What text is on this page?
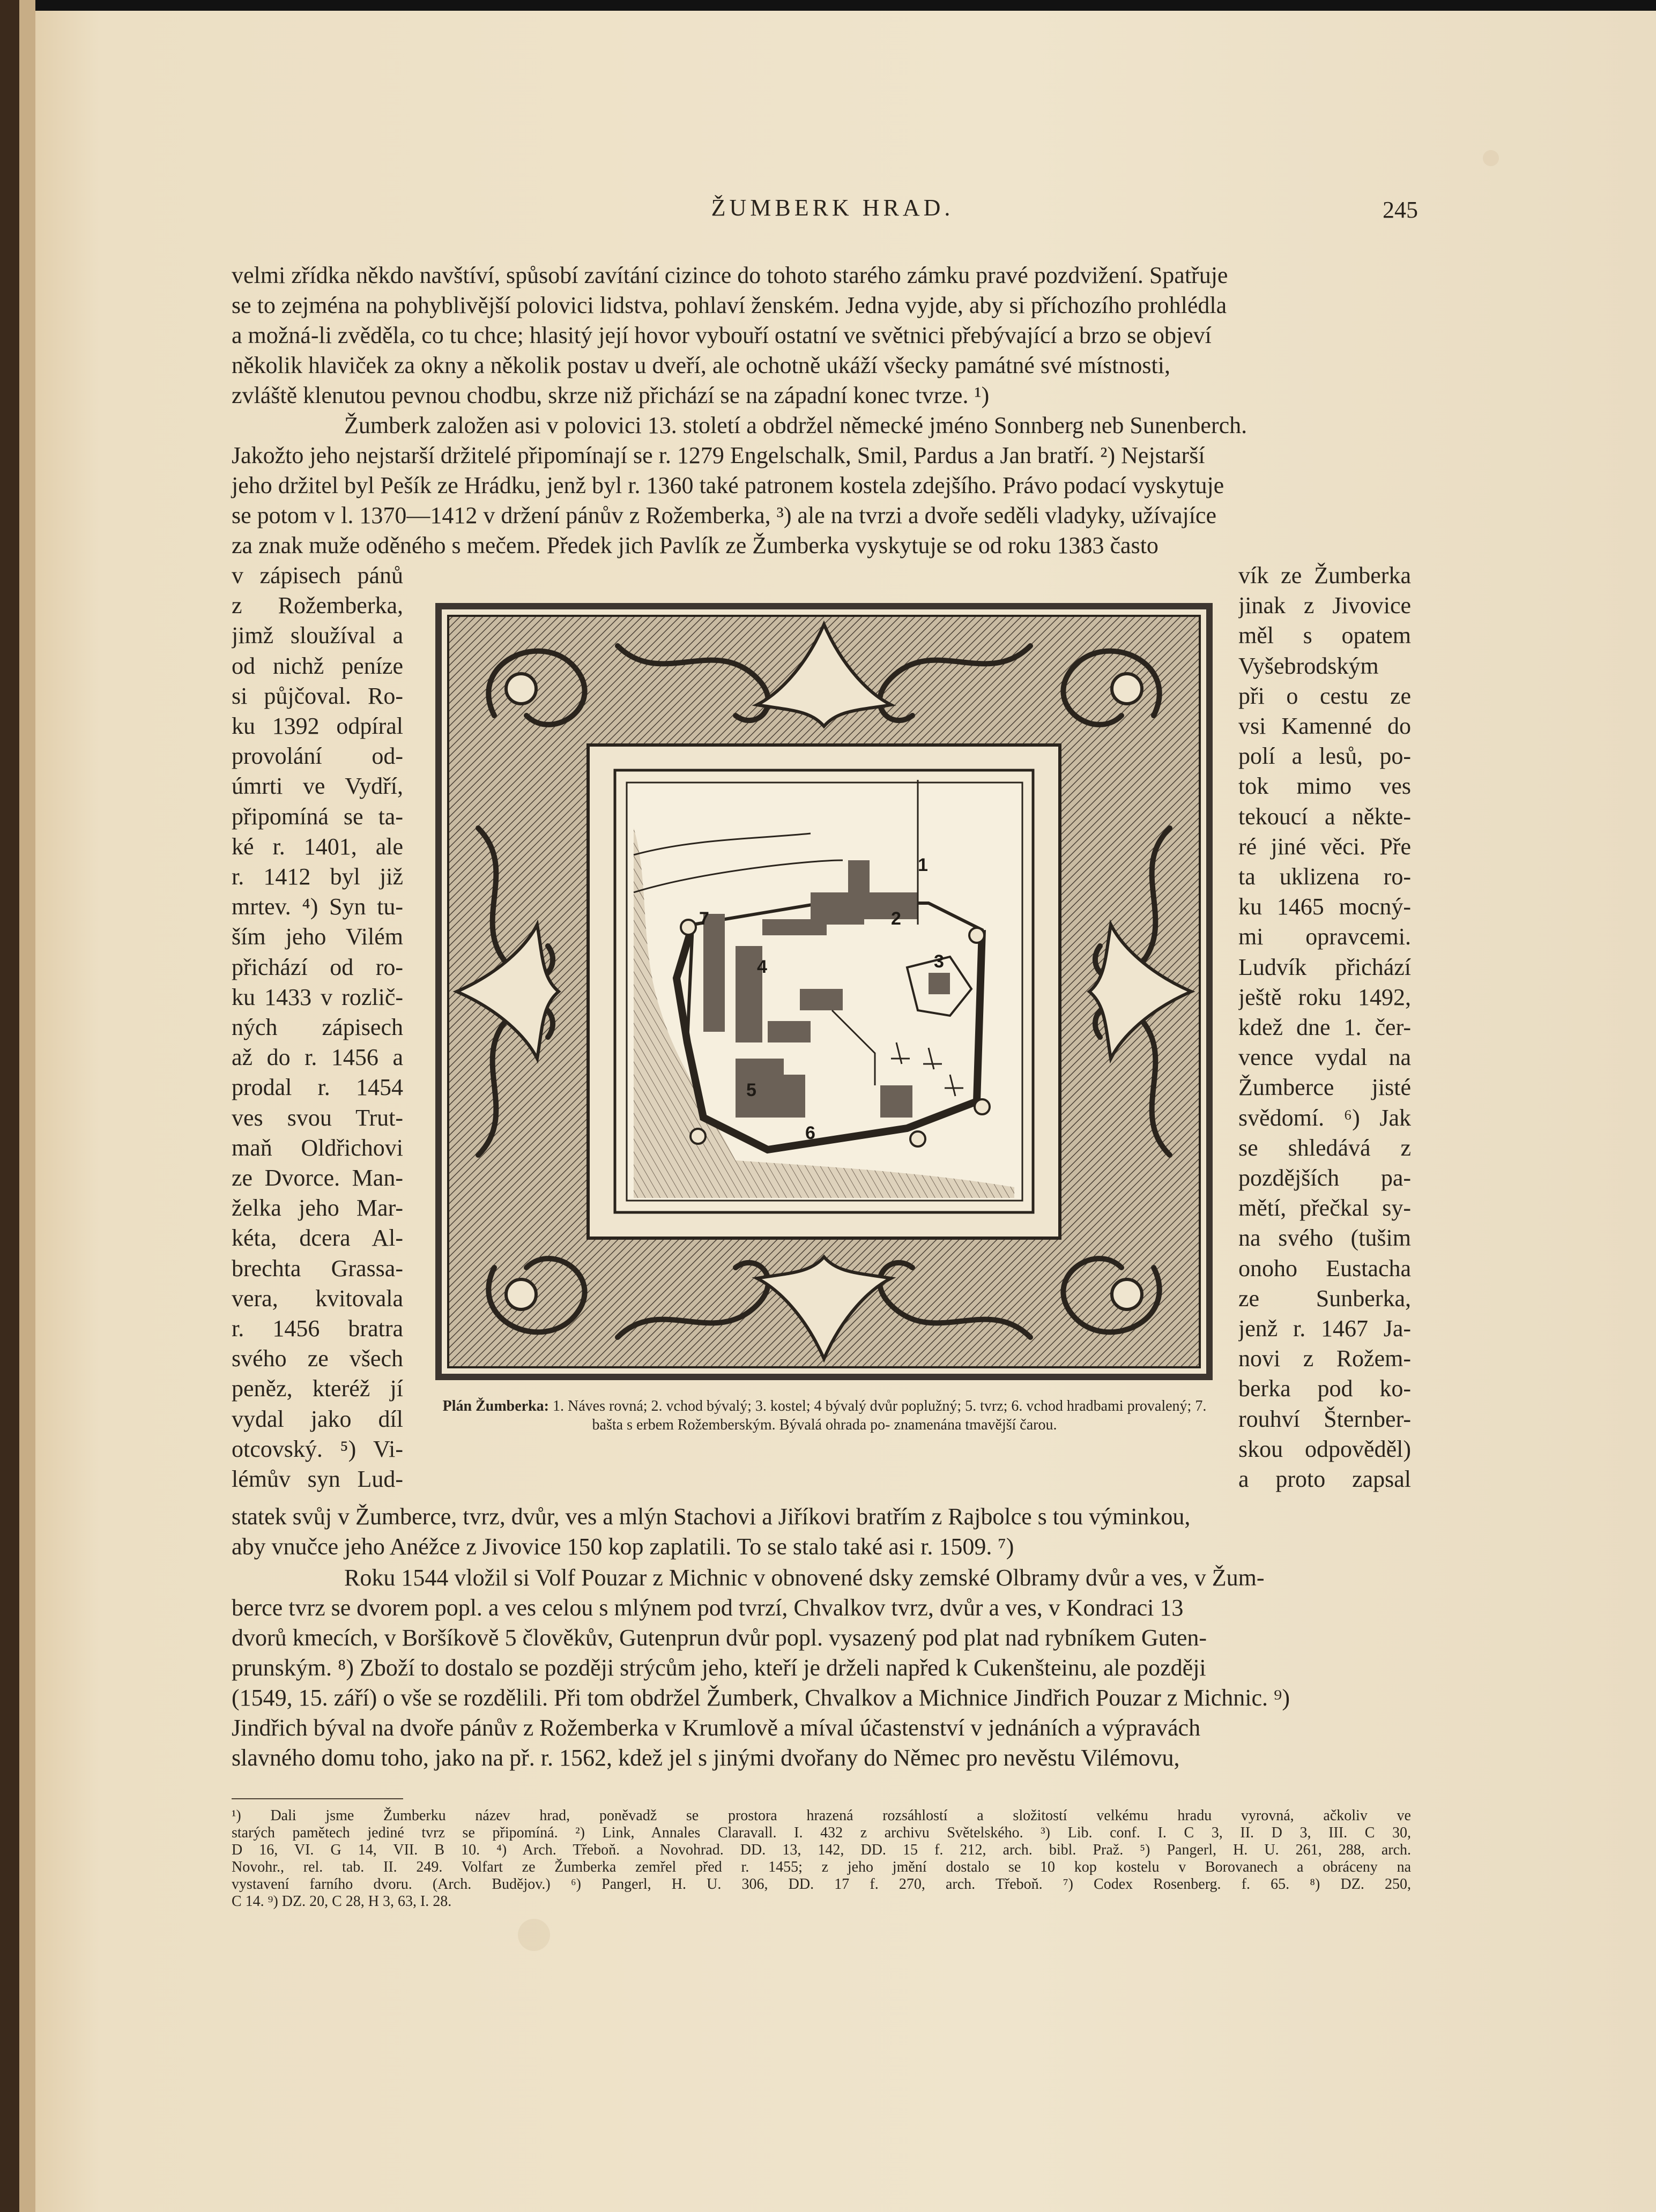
ŽUMBERK HRAD.	245

velmi zřídka někdo navštíví, spůsobí zavítání cizince do tohoto starého zámku pravé pozdvižení. Spatřuje

se to zejména na pohyblivější polovici lidstva, pohlaví ženském. Jedna vyjde, aby si příchozího prohlédla

a možná-li zvěděla, co tu chce; hlasitý její hovor vybouří ostatní ve světnici přebývající a brzo se objeví

několik hlaviček za okny a několik postav u dveří, ale ochotně ukáží všecky památné své místnosti,

zvláště klenutou pevnou chodbu, skrze niž přichází se na západní konec tvrze. ¹)

Žumberk založen asi v polovici 13. století a obdržel německé jméno Sonnberg neb Sunenberch.

Jakožto jeho nejstarší držitelé připomínají se r. 1279 Engelschalk, Smil, Pardus a Jan bratří. ²) Nejstarší

jeho držitel byl Pešík ze Hrádku, jenž byl r. 1360 také patronem kostela zdejšího. Právo podací vyskytuje

se potom v l. 1370—1412 v držení pánův z Rožemberka, ³) ale na tvrzi a dvoře seděli vladyky, užívajíce

za znak muže oděného s mečem. Předek jich Pavlík ze Žumberka vyskytuje se od roku 1383 často

v zápisech pánů
z Rožemberka,
jimž sloužíval a
od nichž peníze
si půjčoval. Ro-
ku 1392 odpíral
provolání od-
úmrti ve Vydří,
připomíná se ta-
ké r. 1401, ale
r. 1412 byl již
mrtev. ⁴) Syn tu-
ším jeho Vilém
přichází od ro-
ku 1433 v rozlič-
ných zápisech
až do r. 1456 a
prodal r. 1454
ves svou Trut-
maň Oldřichovi
ze Dvorce. Man-
želka jeho Mar-
kéta, dcera Al-
brechta Grassa-
vera, kvitovala
r. 1456 bratra
svého ze všech
peněz, kteréž jí
vydal jako díl
otcovský. ⁵) Vi-
lémův syn Lud-
vík ze Žumberka
jinak z Jivovice
měl s opatem
Vyšebrodským
při o cestu ze
vsi Kamenné do
polí a lesů, po-
tok mimo ves
tekoucí a někte-
ré jiné věci. Pře
ta uklizena ro-
ku 1465 mocný-
mi opravcemi.
Ludvík přichází
ještě roku 1492,
kdež dne 1. čer-
vence vydal na
Žumberce jisté
svědomí. ⁶) Jak
se shledává z
pozdějších pa-
mětí, přečkal sy-
na svého (tušim
onoho Eustacha
ze Sunberka,
jenž r. 1467 Ja-
novi z Rožem-
berka pod ko-
rouhví Šternber-
skou odpověděl)
a proto zapsal
1
2
3
4
5
6
7
Plán Žumberka: 1. Náves rovná; 2. vchod bývalý; 3. kostel; 4 bývalý dvůr poplužný; 5. tvrz; 6. vchod hradbami provalený; 7. bašta s erbem Rožemberským. Bývalá ohrada po- znamenána tmavější čarou.

statek svůj v Žumberce, tvrz, dvůr, ves a mlýn Stachovi a Jiříkovi bratřím z Rajbolce s tou výminkou,

aby vnučce jeho Anéžce z Jivovice 150 kop zaplatili. To se stalo také asi r. 1509. ⁷)

Roku 1544 vložil si Volf Pouzar z Michnic v obnovené dsky zemské Olbramy dvůr a ves, v Žum-

berce tvrz se dvorem popl. a ves celou s mlýnem pod tvrzí, Chvalkov tvrz, dvůr a ves, v Kondraci 13

dvorů kmecích, v Boršíkově 5 člověkův, Gutenprun dvůr popl. vysazený pod plat nad rybníkem Guten-

prunským. ⁸) Zboží to dostalo se později strýcům jeho, kteří je drželi napřed k Cukenšteinu, ale později

(1549, 15. září) o vše se rozdělili. Při tom obdržel Žumberk, Chvalkov a Michnice Jindřich Pouzar z Michnic. ⁹)

Jindřich býval na dvoře pánův z Rožemberka v Krumlově a míval účastenství v jednáních a výpravách

slavného domu toho, jako na př. r. 1562, kdež jel s jinými dvořany do Němec pro nevěstu Vilémovu,

¹) Dali jsme Žumberku název hrad, poněvadž se prostora hrazená rozsáhlostí a složitostí velkému hradu vyrovná, ačkoliv ve
starých pamětech jediné tvrz se připomíná. ²) Link, Annales Claravall. I. 432 z archivu Světelského. ³) Lib. conf. I. C 3, II. D 3, III. C 30,
D 16, VI. G 14, VII. B 10. ⁴) Arch. Třeboň. a Novohrad. DD. 13, 142, DD. 15 f. 212, arch. bibl. Praž. ⁵) Pangerl, H. U. 261, 288, arch.
Novohr., rel. tab. II. 249. Volfart ze Žumberka zemřel před r. 1455; z jeho jmění dostalo se 10 kop kostelu v Borovanech a obráceny na
vystavení farního dvoru. (Arch. Budějov.) ⁶) Pangerl, H. U. 306, DD. 17 f. 270, arch. Třeboň. ⁷) Codex Rosenberg. f. 65. ⁸) DZ. 250,
C 14. ⁹) DZ. 20, C 28, H 3, 63, I. 28.
